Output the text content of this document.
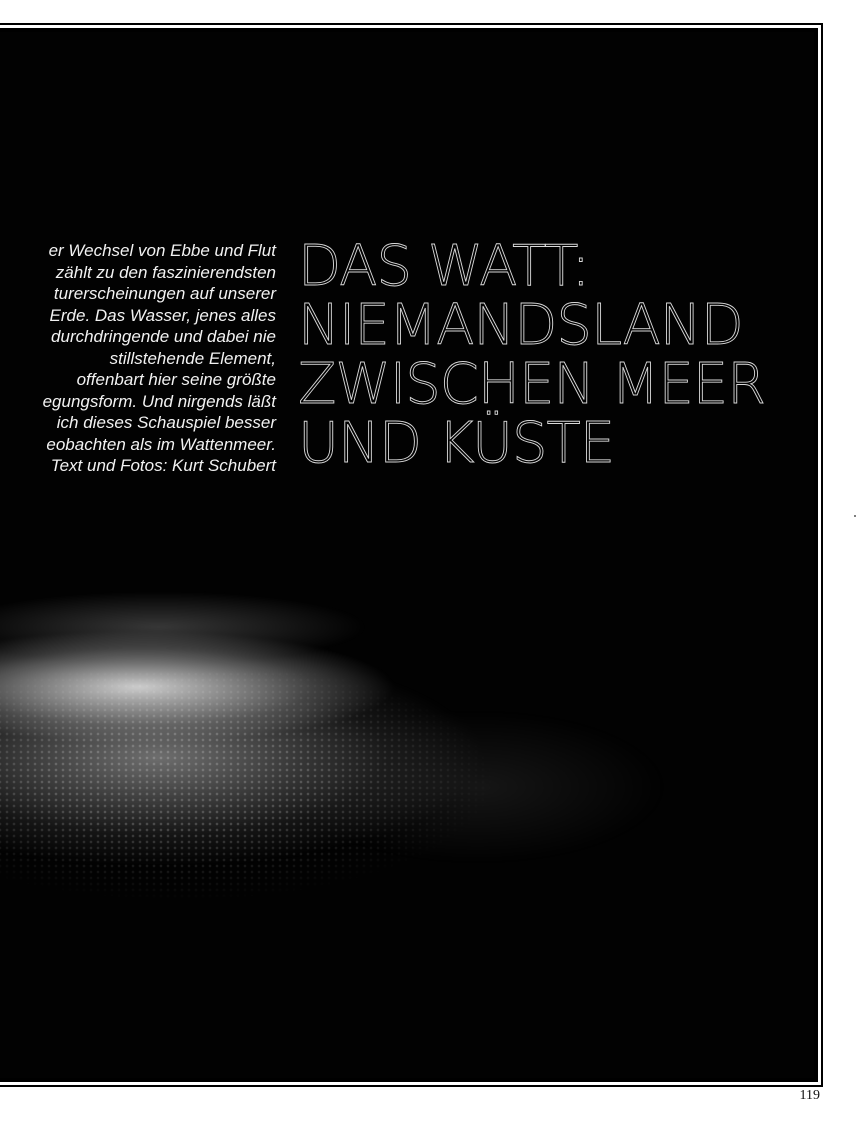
er Wechsel von Ebbe und Flut
zählt zu den faszinierendsten
turerscheinungen auf unserer
Erde. Das Wasser, jenes alles
durchdringende und dabei nie
stillstehende Element,
offenbart hier seine größte
egungsform. Und nirgends läßt
ich dieses Schauspiel besser
eobachten als im Wattenmeer.
Text und Fotos: Kurt Schubert
DAS WATT:
NIEMANDSLAND
ZWISCHEN MEER
UND KÜSTE
119
